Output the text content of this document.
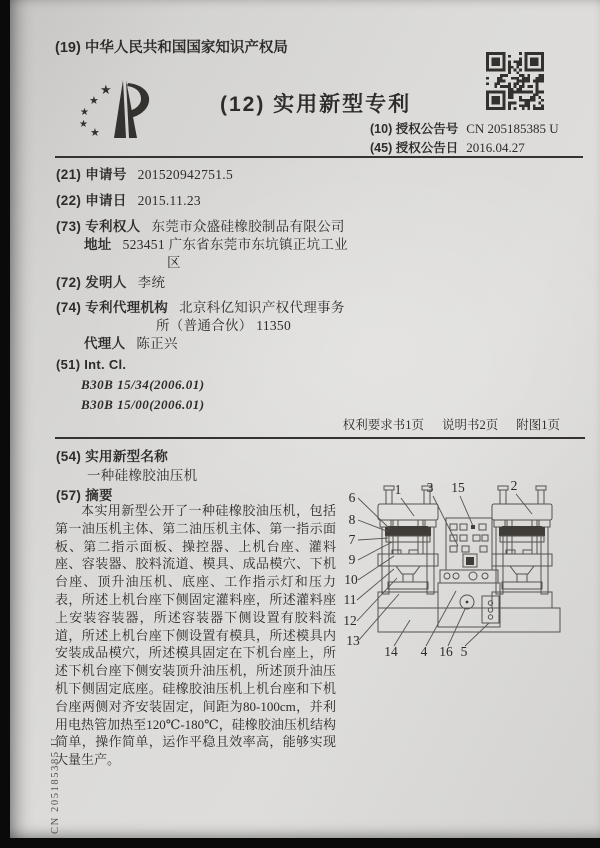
(19) 中华人民共和国国家知识产权局
★
★
★
★
★
(12) 实用新型专利
(10) 授权公告号 CN 205185385 U
(45) 授权公告日 2016.04.27
(21) 申请号 201520942751.5
(22) 申请日 2015.11.23
(73) 专利权人 东莞市众盛硅橡胶制品有限公司
地址 523451 广东省东莞市东坑镇正坑工业
区
(72) 发明人 李统
(74) 专利代理机构 北京科亿知识产权代理事务
所（普通合伙） 11350
代理人 陈正兴
(51) Int. Cl.
B30B 15/34(2006.01)
B30B 15/00(2006.01)
权利要求书1页 说明书2页 附图1页
(54) 实用新型名称
一种硅橡胶油压机
(57) 摘要
本实用新型公开了一种硅橡胶油压机，包括第一油压机主体、第二油压机主体、第一指示面板、第二指示面板、操控器、上机台座、灌料座、容装器、胶料流道、模具、成品模穴、下机台座、顶升油压机、底座、工作指示灯和压力表，所述上机台座下侧固定灌料座，所述灌料座上安装容装器，所述容装器下侧设置有胶料流道，所述上机台座下侧设置有模具，所述模具内安装成品模穴，所述模具固定在下机台座上，所述下机台座下侧安装顶升油压机，所述顶升油压机下侧固定底座。硅橡胶油压机上机台座和下机台座两侧对齐安装固定，间距为80-100cm，并利用电热管加热至120℃-180℃，硅橡胶油压机结构简单，操作简单，运作平稳且效率高，能够实现大量生产。
6
1 3 15	2
8
7
9
10
11
12
13
14 4 16 5
CN 205185385 U
